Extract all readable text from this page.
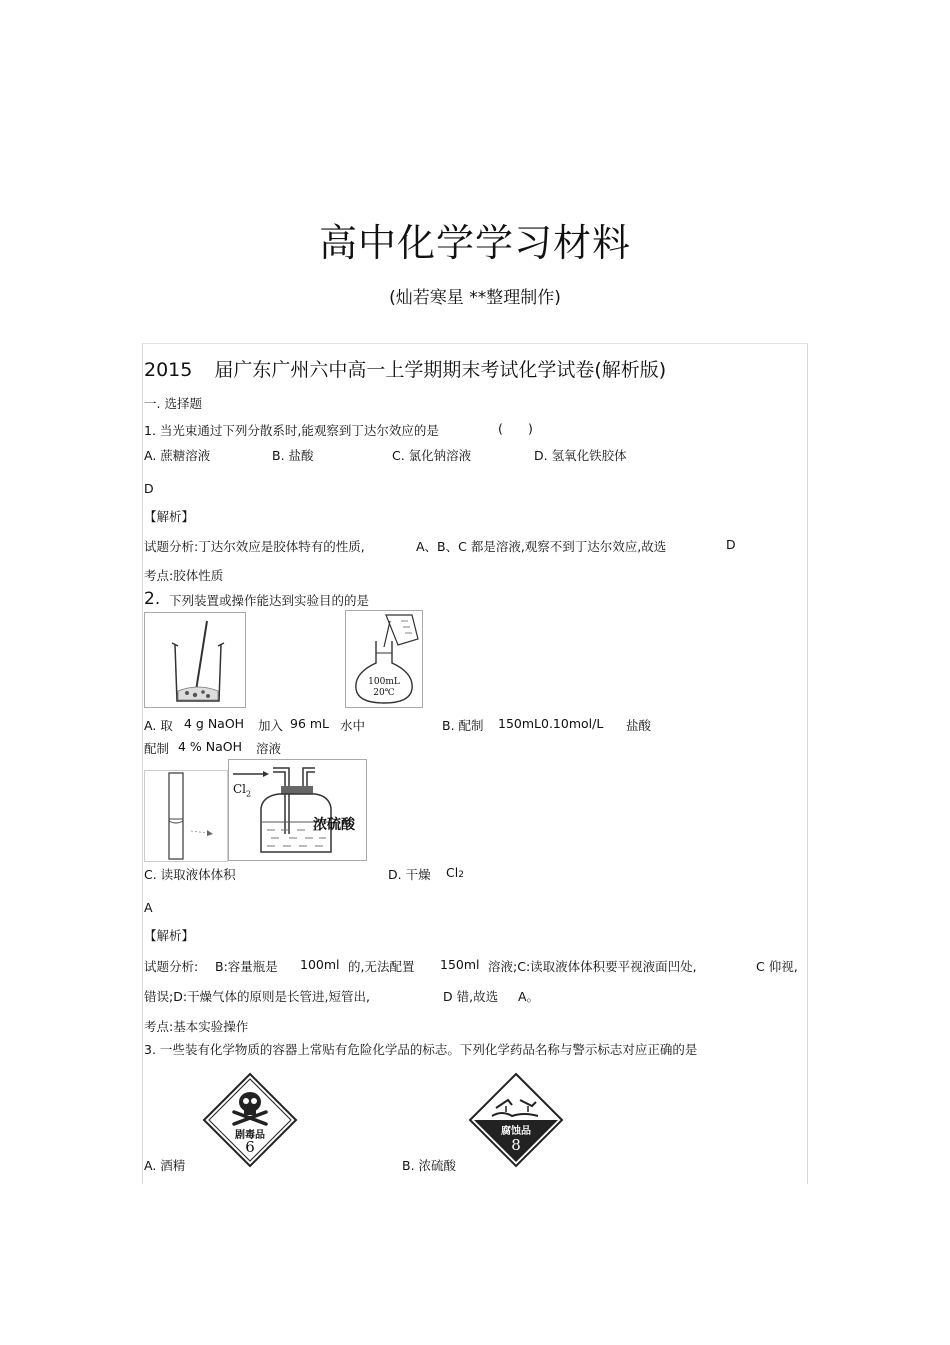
高中化学学习材料
(灿若寒星 **整理制作)
2015 届广东广州六中高一上学期期末考试化学试卷(解析版)
一. 选择题
1. 当光束通过下列分散系时,能观察到丁达尔效应的是	( )
A. 蔗糖溶液	B. 盐酸	C. 氯化钠溶液	D. 氢氧化铁胶体
D
【解析】
试题分析:丁达尔效应是胶体特有的性质,	A、B、C 都是溶液,观察不到丁达尔效应,故选	D
考点:胶体性质
2. 下列装置或操作能达到实验目的的是
100mL
20℃
A. 取 4 g NaOH 加入 96 mL 水中	B. 配制 150mL0.10mol/L 盐酸
配制 4 % NaOH 溶液
$Cl_2$
浓硫酸
C. 读取液体体积	D. 干燥 Cl2
A
【解析】
试题分析: B:容量瓶是 100ml 的,无法配置 150ml 溶液;C:读取液体体积要平视液面凹处,	C 仰视,
错误;D:干燥气体的原则是长管进,短管出,	D 错,故选 A。
考点:基本实验操作
3. 一些装有化学物质的容器上常贴有危险化学品的标志。下列化学药品名称与警示标志对应正确的是
剧毒品
6
腐蚀品
8
A. 酒精	B. 浓硫酸
